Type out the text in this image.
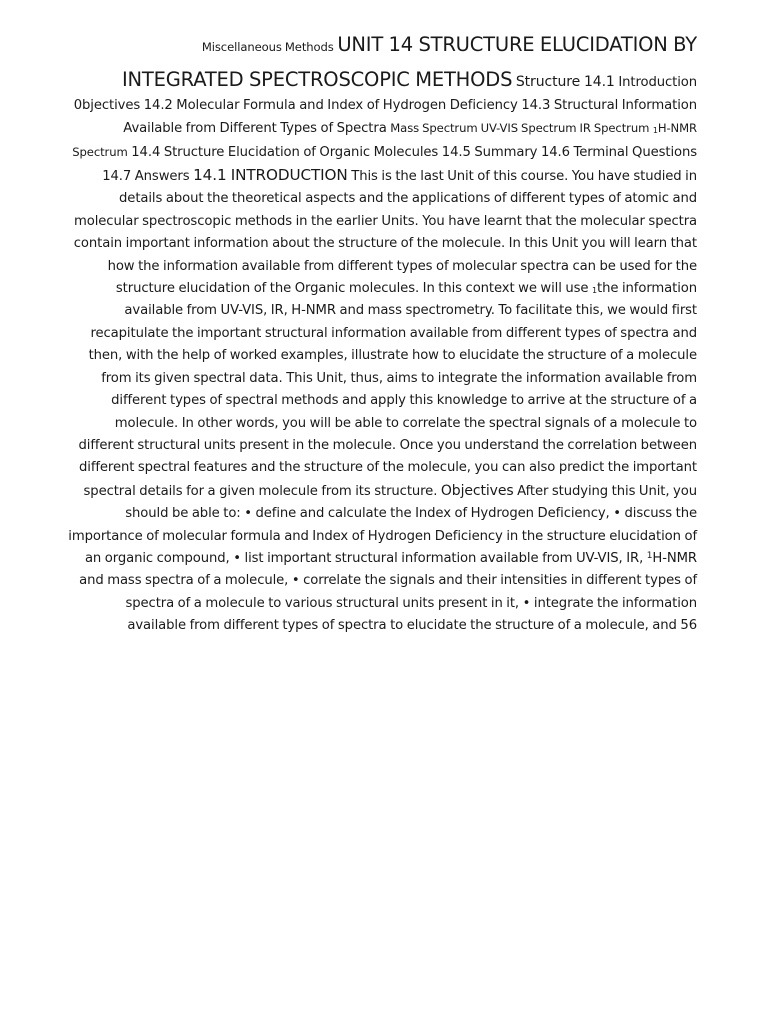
Miscellaneous Methods UNIT 14 STRUCTURE ELUCIDATION BY
INTEGRATED SPECTROSCOPIC METHODS Structure 14.1 Introduction 0bjectives 14.2 Molecular Formula and Index of Hydrogen Deficiency 14.3 Structural Information Available from Different Types of Spectra Mass Spectrum UV-VIS Spectrum IR Spectrum $_1$H-NMR Spectrum 14.4 Structure Elucidation of Organic Molecules 14.5 Summary 14.6 Terminal Questions 14.7 Answers 14.1 INTRODUCTION This is the last Unit of this course. You have studied in details about the theoretical aspects and the applications of different types of atomic and molecular spectroscopic methods in the earlier Units. You have learnt that the molecular spectra contain important information about the structure of the molecule. In this Unit you will learn that how the information available from different types of molecular spectra can be used for the structure elucidation of the Organic molecules. In this context we will use $_1$the information available from UV-VIS, IR, H-NMR and mass spectrometry. To facilitate this, we would first recapitulate the important structural information available from different types of spectra and then, with the help of worked examples, illustrate how to elucidate the structure of a molecule from its given spectral data. This Unit, thus, aims to integrate the information available from different types of spectral methods and apply this knowledge to arrive at the structure of a molecule. In other words, you will be able to correlate the spectral signals of a molecule to different structural units present in the molecule. Once you understand the correlation between different spectral features and the structure of the molecule, you can also predict the important spectral details for a given molecule from its structure. Objectives After studying this Unit, you should be able to: • define and calculate the Index of Hydrogen Deficiency, • discuss the importance of molecular formula and Index of Hydrogen Deficiency in the structure elucidation of an organic compound, • list important structural information available from UV-VIS, IR, $^1$H-NMR and mass spectra of a molecule, • correlate the signals and their intensities in different types of spectra of a molecule to various structural units present in it, • integrate the information available from different types of spectra to elucidate the structure of a molecule, and 56
